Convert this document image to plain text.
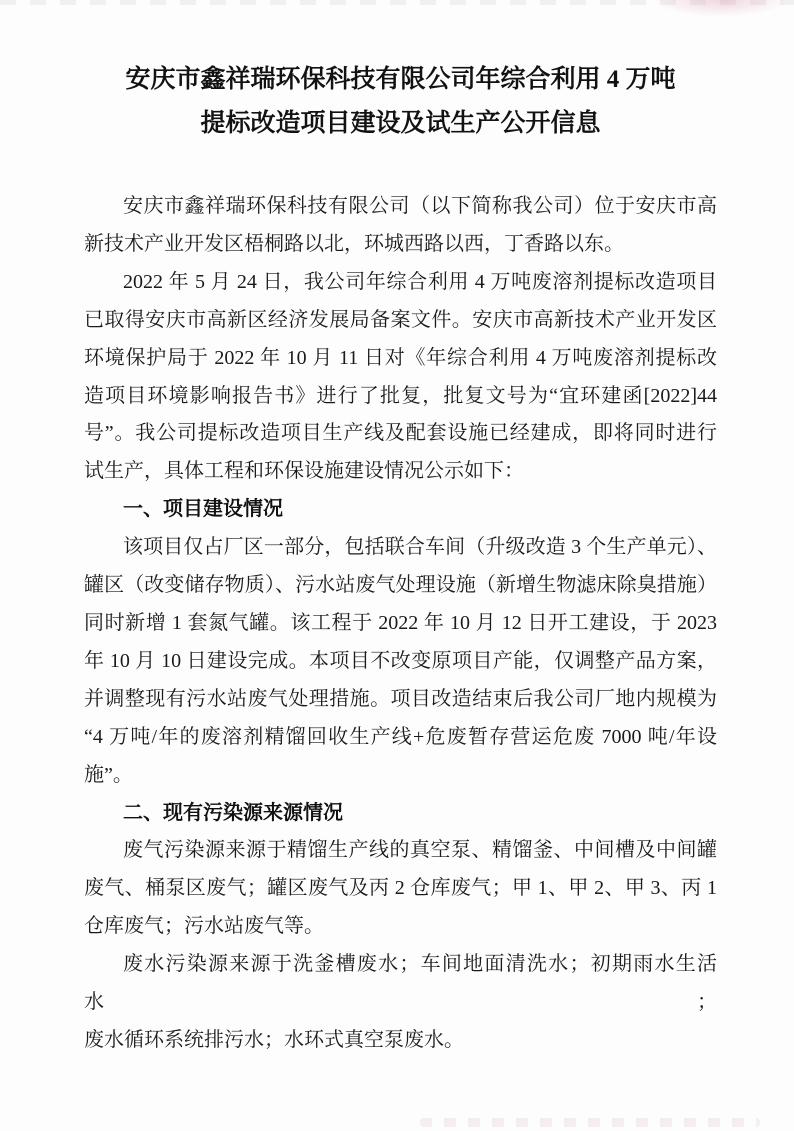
安庆市鑫祥瑞环保科技有限公司年综合利用 4 万吨
提标改造项目建设及试生产公开信息
安庆市鑫祥瑞环保科技有限公司（以下简称我公司）位于安庆市高
新技术产业开发区梧桐路以北，环城西路以西，丁香路以东。
2022 年 5 月 24 日，我公司年综合利用 4 万吨废溶剂提标改造项目
已取得安庆市高新区经济发展局备案文件。安庆市高新技术产业开发区
环境保护局于 2022 年 10 月 11 日对《年综合利用 4 万吨废溶剂提标改
造项目环境影响报告书》进行了批复，批复文号为“宜环建函[2022]44
号”。我公司提标改造项目生产线及配套设施已经建成，即将同时进行
试生产，具体工程和环保设施建设情况公示如下：
一、项目建设情况
该项目仅占厂区一部分，包括联合车间（升级改造 3 个生产单元）、
罐区（改变储存物质）、污水站废气处理设施（新增生物滤床除臭措施）
同时新增 1 套氮气罐。该工程于 2022 年 10 月 12 日开工建设，于 2023
年 10 月 10 日建设完成。本项目不改变原项目产能，仅调整产品方案，
并调整现有污水站废气处理措施。项目改造结束后我公司厂地内规模为
“4 万吨/年的废溶剂精馏回收生产线+危废暂存营运危废 7000 吨/年设
施”。
二、现有污染源来源情况
废气污染源来源于精馏生产线的真空泵、精馏釜、中间槽及中间罐
废气、桶泵区废气；罐区废气及丙 2 仓库废气；甲 1、甲 2、甲 3、丙 1
仓库废气；污水站废气等。
废水污染源来源于洗釜槽废水；车间地面清洗水；初期雨水生活水；
废水循环系统排污水；水环式真空泵废水。
